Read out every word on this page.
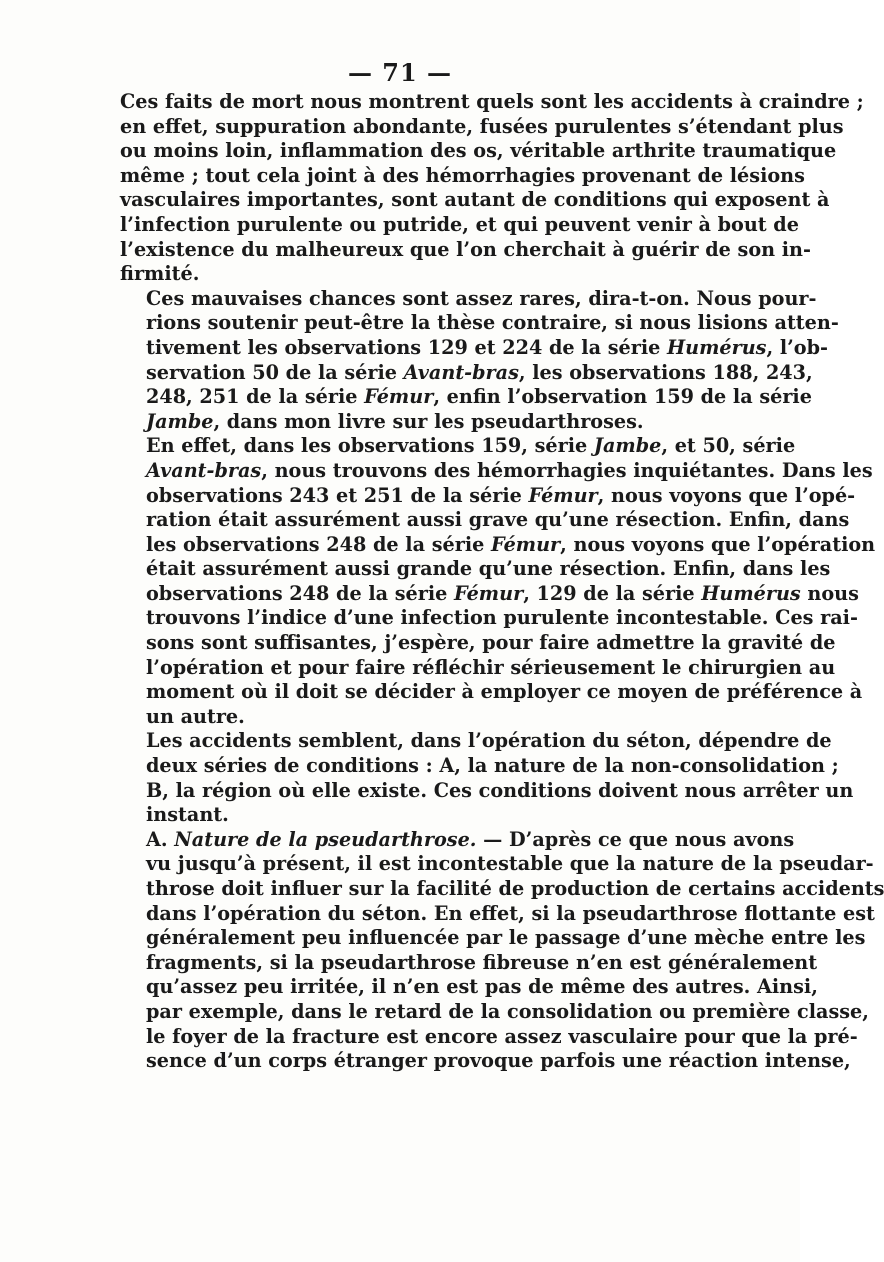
— 71 —
Ces faits de mort nous montrent quels sont les accidents à craindre ;
en effet, suppuration abondante, fusées purulentes s’étendant plus
ou moins loin, inflammation des os, véritable arthrite traumatique
même ; tout cela joint à des hémorrhagies provenant de lésions
vasculaires importantes, sont autant de conditions qui exposent à
l’infection purulente ou putride, et qui peuvent venir à bout de
l’existence du malheureux que l’on cherchait à guérir de son in-
firmité.
Ces mauvaises chances sont assez rares, dira-t-on. Nous pour-
rions soutenir peut-être la thèse contraire, si nous lisions atten-
tivement les observations 129 et 224 de la série Humérus, l’ob-
servation 50 de la série Avant-bras, les observations 188, 243,
248, 251 de la série Fémur, enfin l’observation 159 de la série
Jambe, dans mon livre sur les pseudarthroses.
En effet, dans les observations 159, série Jambe, et 50, série
Avant-bras, nous trouvons des hémorrhagies inquiétantes. Dans les
observations 243 et 251 de la série Fémur, nous voyons que l’opé-
ration était assurément aussi grave qu’une résection. Enfin, dans
les observations 248 de la série Fémur, nous voyons que l’opération
était assurément aussi grande qu’une résection. Enfin, dans les
observations 248 de la série Fémur, 129 de la série Humérus nous
trouvons l’indice d’une infection purulente incontestable. Ces rai-
sons sont suffisantes, j’espère, pour faire admettre la gravité de
l’opération et pour faire réfléchir sérieusement le chirurgien au
moment où il doit se décider à employer ce moyen de préférence à
un autre.
Les accidents semblent, dans l’opération du séton, dépendre de
deux séries de conditions : A, la nature de la non-consolidation ;
B, la région où elle existe. Ces conditions doivent nous arrêter un
instant.
A. Nature de la pseudarthrose. — D’après ce que nous avons
vu jusqu’à présent, il est incontestable que la nature de la pseudar-
throse doit influer sur la facilité de production de certains accidents
dans l’opération du séton. En effet, si la pseudarthrose flottante est
généralement peu influencée par le passage d’une mèche entre les
fragments, si la pseudarthrose fibreuse n’en est généralement
qu’assez peu irritée, il n’en est pas de même des autres. Ainsi,
par exemple, dans le retard de la consolidation ou première classe,
le foyer de la fracture est encore assez vasculaire pour que la pré-
sence d’un corps étranger provoque parfois une réaction intense,
